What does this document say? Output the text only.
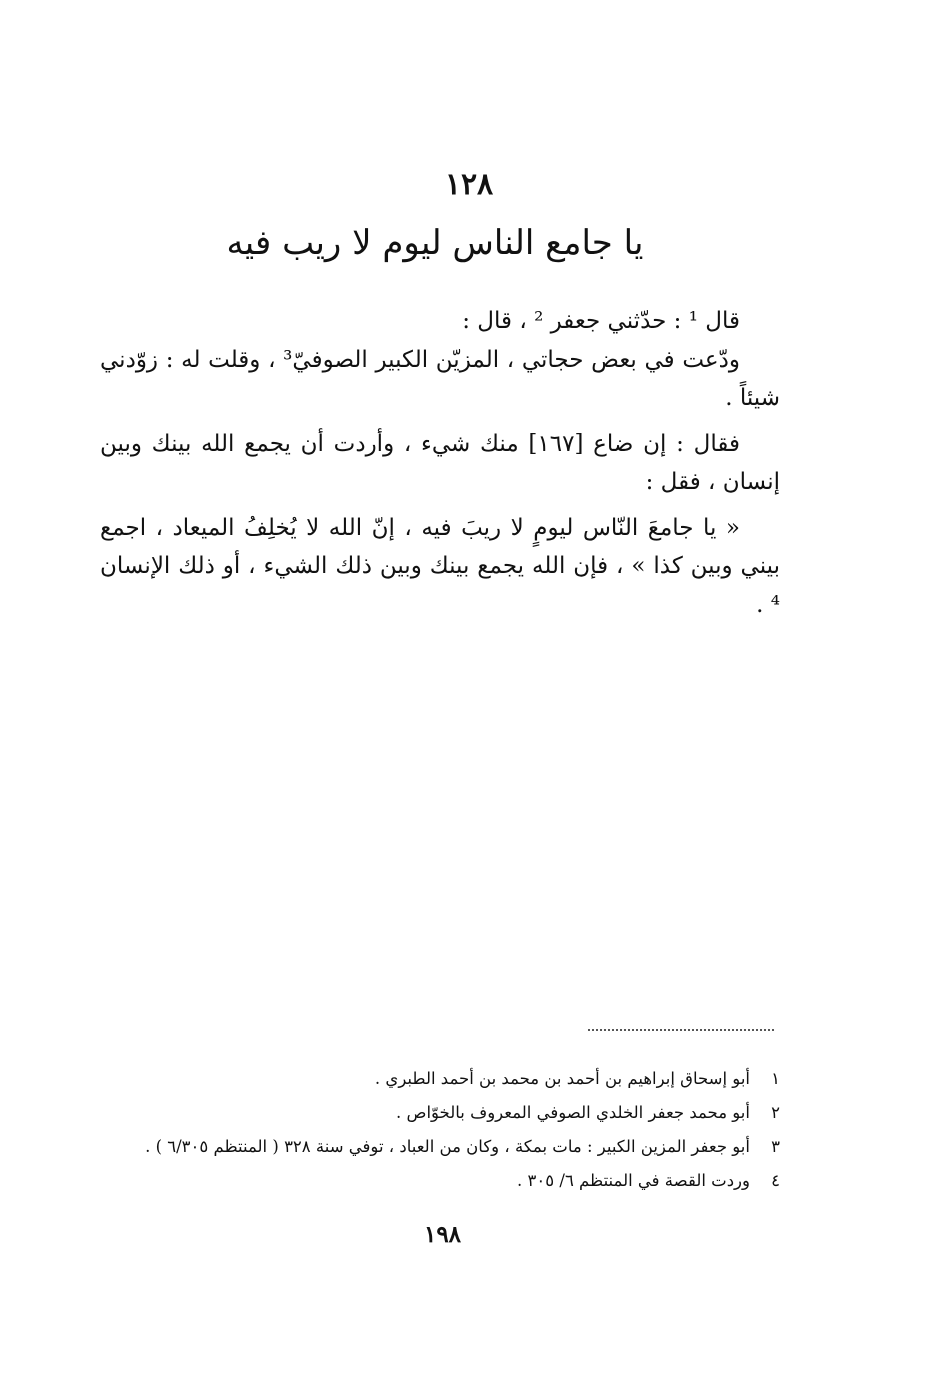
١٢٨
يا جامع الناس ليوم لا ريب فيه

قال ¹ : حدّثني جعفر ² ، قال :

ودّعت في بعض حجاتي ، المزيّن الكبير الصوفيّ³ ، وقلت له : زوّدني شيئاً .

فقال : إن ضاع [١٦٧] منك شيء ، وأردت أن يجمع الله بينك وبين إنسان ، فقل :

« يا جامعَ النّاس ليومٍ لا ريبَ فيه ، إنّ الله لا يُخلِفُ الميعاد ، اجمع بيني وبين كذا » ، فإن الله يجمع بينك وبين ذلك الشيء ، أو ذلك الإنسان ⁴ .

١أبو إسحاق إبراهيم بن أحمد بن محمد بن أحمد الطبري .
٢أبو محمد جعفر الخلدي الصوفي المعروف بالخوّاص .
٣أبو جعفر المزين الكبير : مات بمكة ، وكان من العباد ، توفي سنة ٣٢٨ ( المنتظم ٦/٣٠٥ ) .
٤وردت القصة في المنتظم ٦/ ٣٠٥ .
١٩٨
